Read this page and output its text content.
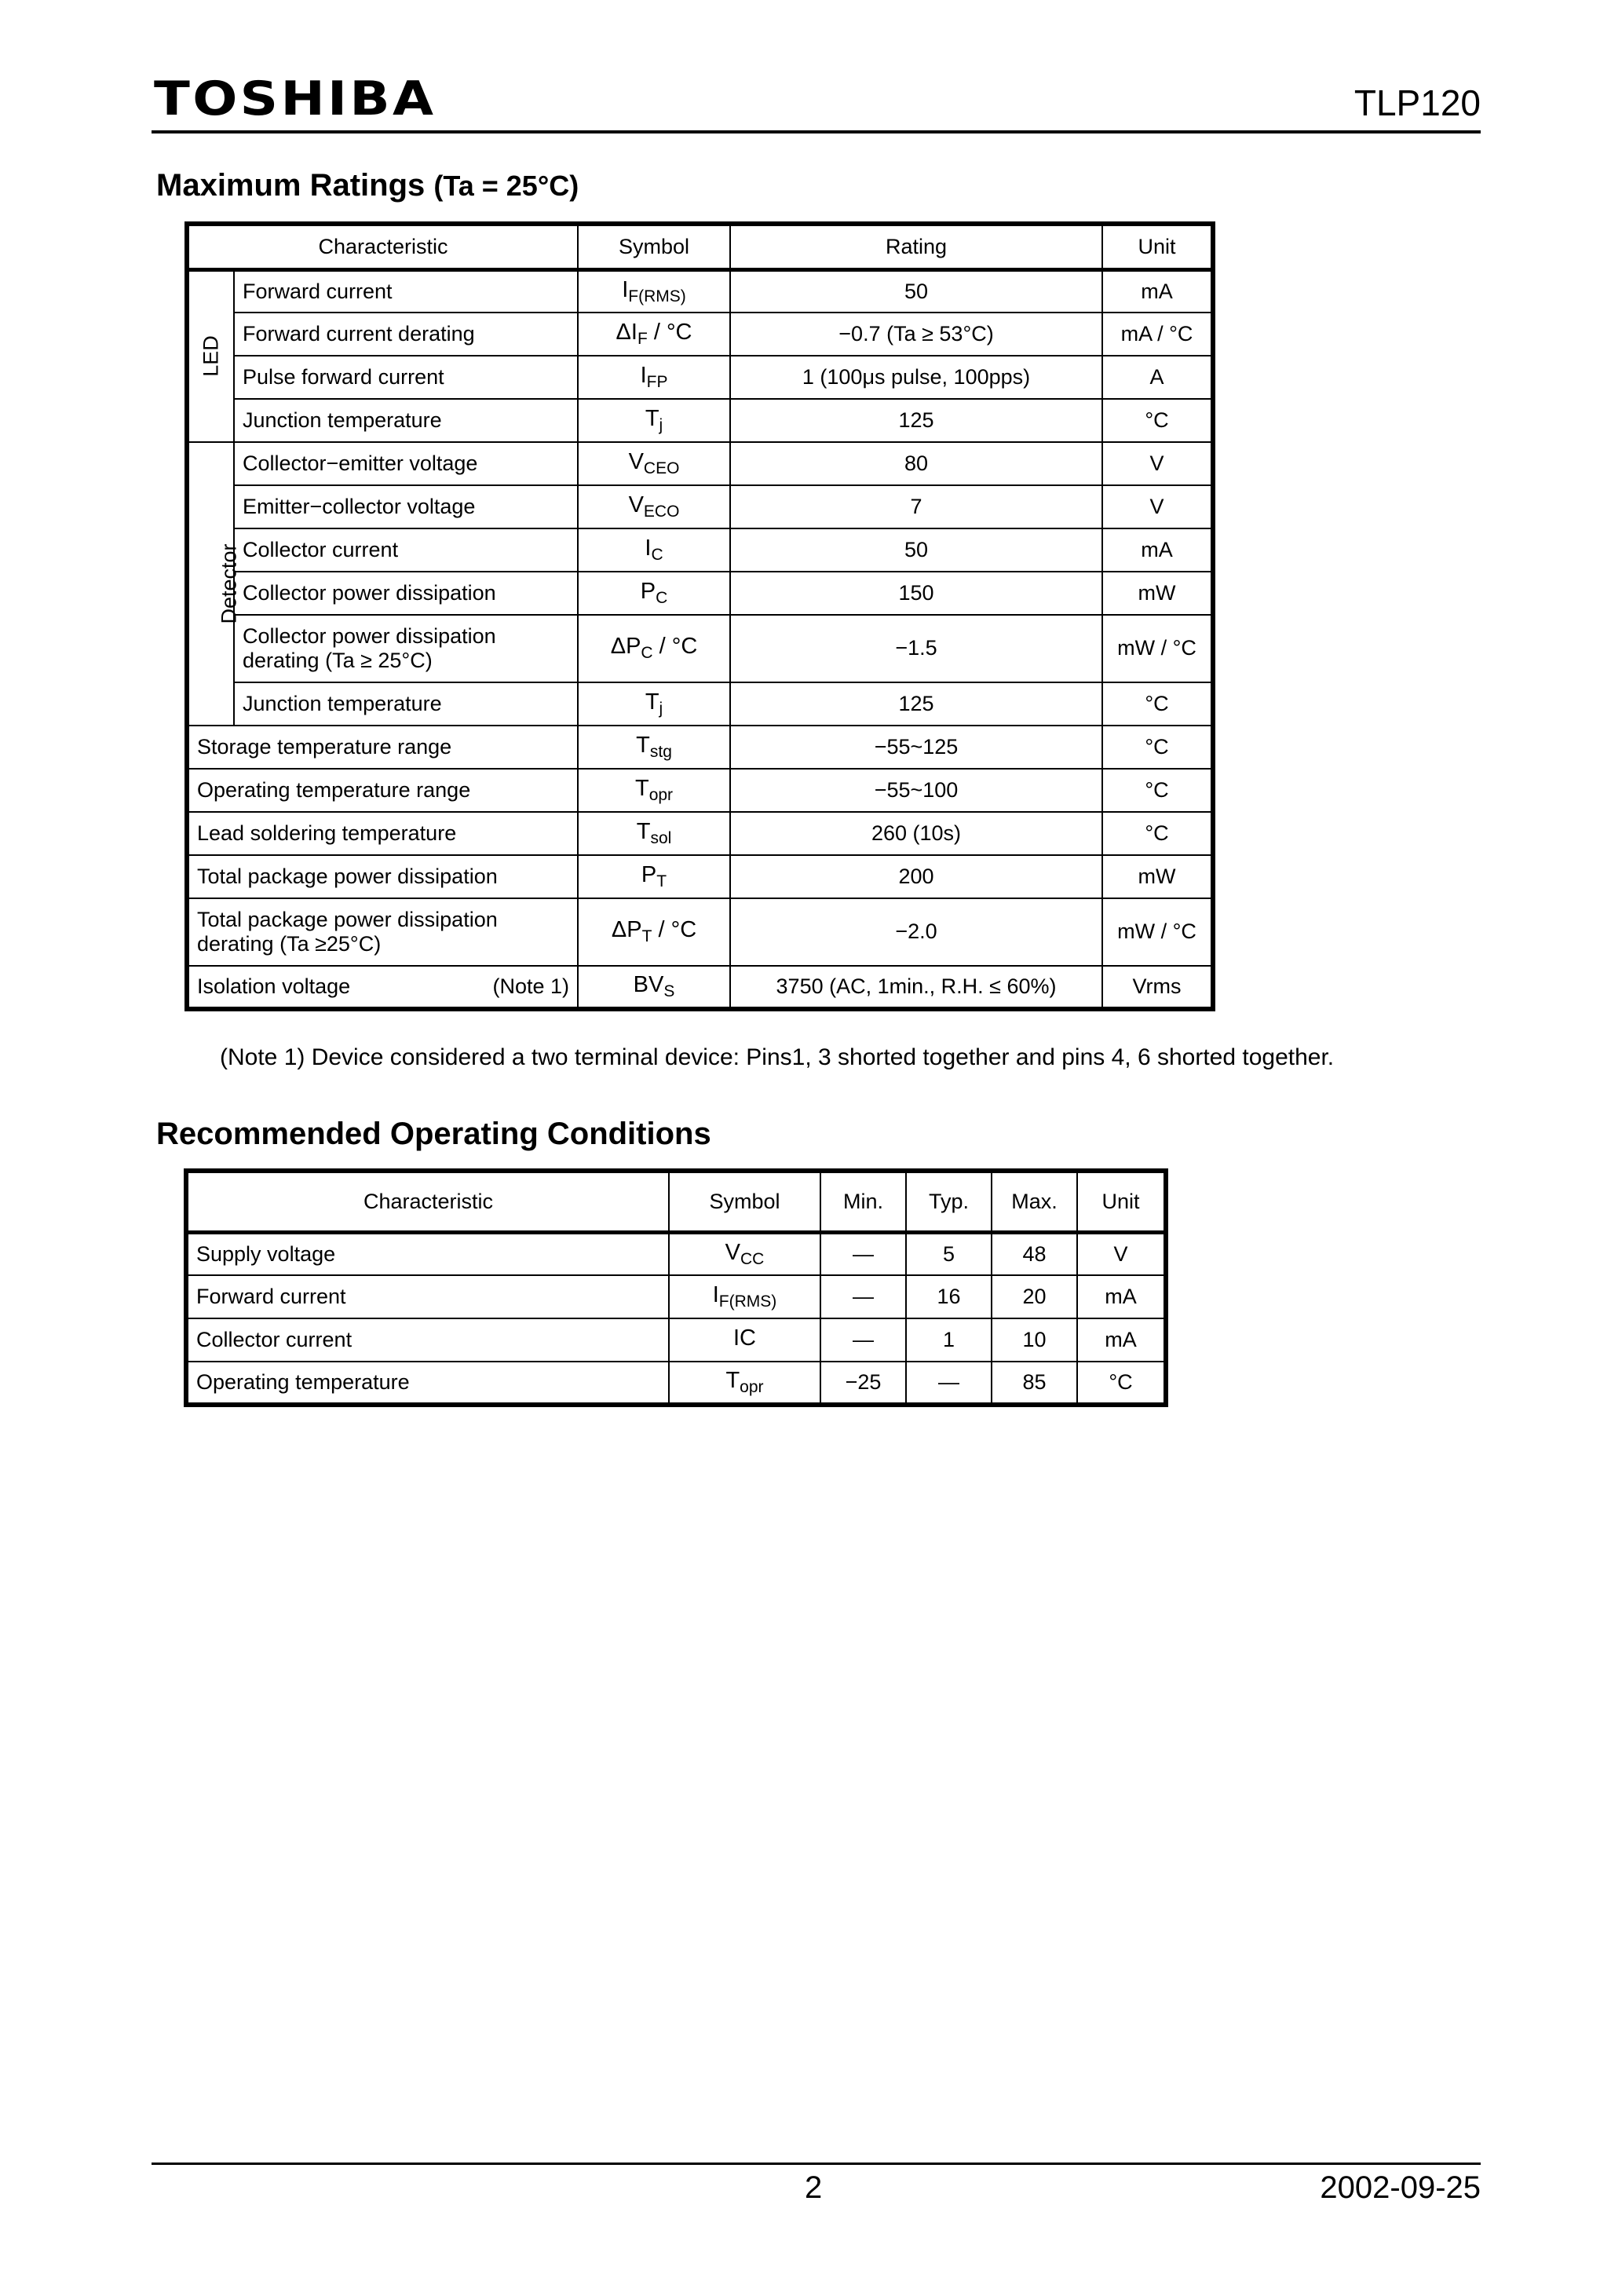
TOSHIBA	TLP120
Maximum Ratings (Ta = 25°C)
Characteristic		Symbol	Rating	Unit
LED	Forward current	$I_{F(RMS)}$	50	mA
	Forward current derating	$\Delta I_F / ^\circ C$	−0.7 (Ta ≥ 53°C)	mA / °C
	Pulse forward current	$I_{FP}$	1 (100μs pulse, 100pps)	A
	Junction temperature	$T_j$	125	°C
Detector	Collector−emitter voltage	$V_{CEO}$	80	V
	Emitter−collector voltage	$V_{ECO}$	7	V
	Collector current	$I_C$	50	mA
	Collector power dissipation	$P_C$	150	mW
	Collector power dissipation
derating (Ta ≥ 25°C)	$\Delta P_C / ^\circ C$	−1.5	mW / °C
	Junction temperature	$T_j$	125	°C
Storage temperature range		$T_{stg}$	−55~125	°C
Operating temperature range		$T_{opr}$	−55~100	°C
Lead soldering temperature		$T_{sol}$	260 (10s)	°C
Total package power dissipation		$P_T$	200	mW
Total package power dissipation
derating (Ta ≥25°C)		$\Delta P_T / ^\circ C$	−2.0	mW / °C
Isolation voltage (Note 1)		$BV_S$	3750 (AC, 1min., R.H. ≤ 60%)	Vrms
(Note 1) Device considered a two terminal device: Pins1, 3 shorted together and pins 4, 6 shorted together.
Recommended Operating Conditions
Characteristic	Symbol	Min.	Typ.	Max.	Unit
Supply voltage	$V_{CC}$	—	5	48	V
Forward current	$I_{F(RMS)}$	—	16	20	mA
Collector current	IC	—	1	10	mA
Operating temperature	$T_{opr}$	−25	—	85	°C
2	2002-09-25
